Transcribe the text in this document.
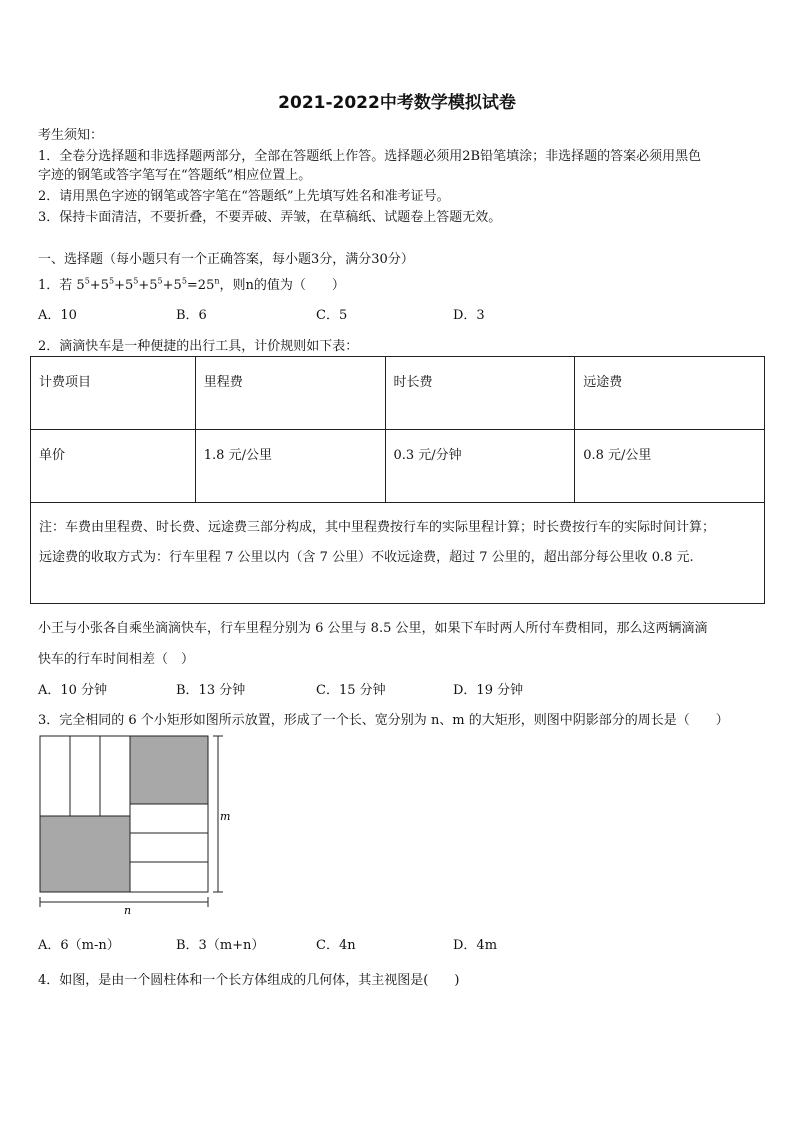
2021-2022中考数学模拟试卷
考生须知：
1．全卷分选择题和非选择题两部分，全部在答题纸上作答。选择题必须用2B铅笔填涂；非选择题的答案必须用黑色
字迹的钢笔或答字笔写在“答题纸”相应位置上。
2．请用黑色字迹的钢笔或答字笔在“答题纸”上先填写姓名和准考证号。
3．保持卡面清洁，不要折叠，不要弄破、弄皱，在草稿纸、试题卷上答题无效。
一、选择题（每小题只有一个正确答案，每小题3分，满分30分）
1．若 $5^5+5^5+5^5+5^5+5^5=25^n$，则n的值为（　　）
A．10	B．6	C．5	D．3
2．滴滴快车是一种便捷的出行工具，计价规则如下表：
计费项目	里程费	时长费	远途费
单价	1.8 元/公里	0.3 元/分钟	0.8 元/公里

注：车费由里程费、时长费、远途费三部分构成，其中里程费按行车的实际里程计算；时长费按行车的实际时间计算；
远途费的收取方式为：行车里程 7 公里以内（含 7 公里）不收远途费，超过 7 公里的，超出部分每公里收 0.8 元.			
小王与小张各自乘坐滴滴快车，行车里程分别为 6 公里与 8.5 公里，如果下车时两人所付车费相同，那么这两辆滴滴
快车的行车时间相差（　）
A．10 分钟	B．13 分钟	C．15 分钟	D．19 分钟
3．完全相同的 6 个小矩形如图所示放置，形成了一个长、宽分别为 n、m 的大矩形，则图中阴影部分的周长是（　　）
m
n
A．6（m-n）	B．3（m+n）	C．4n	D．4m
4．如图，是由一个圆柱体和一个长方体组成的几何体，其主视图是(　　)
